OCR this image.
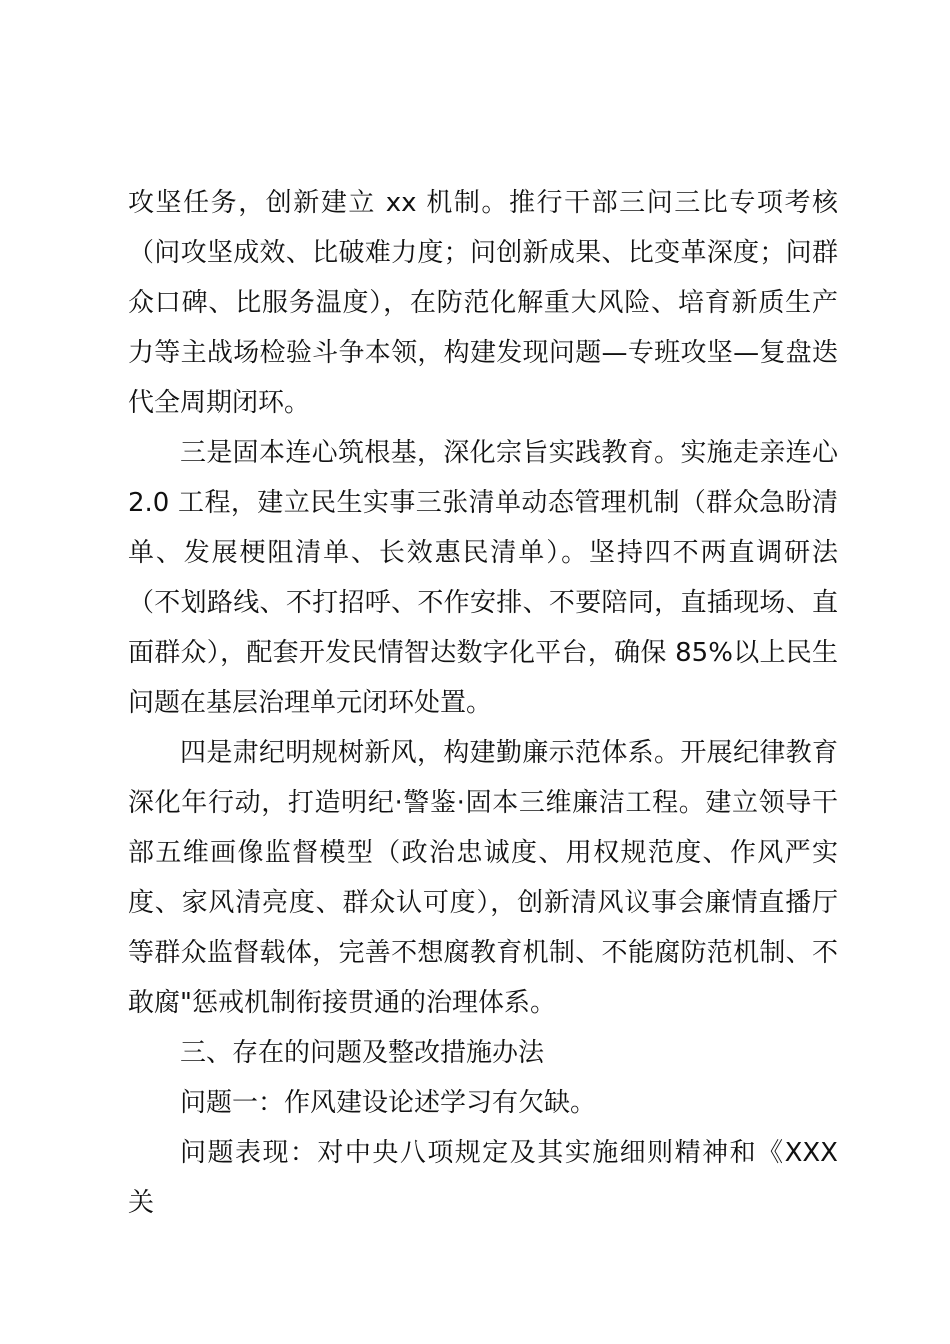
攻坚任务，创新建立 xx 机制。推行干部三问三比专项考核（问攻坚成效、比破难力度；问创新成果、比变革深度；问群众口碑、比服务温度），在防范化解重大风险、培育新质生产力等主战场检验斗争本领，构建发现问题—专班攻坚—复盘迭代全周期闭环。

三是固本连心筑根基，深化宗旨实践教育。实施走亲连心 2.0 工程，建立民生实事三张清单动态管理机制（群众急盼清单、发展梗阻清单、长效惠民清单）。坚持四不两直调研法（不划路线、不打招呼、不作安排、不要陪同，直插现场、直面群众），配套开发民情智达数字化平台，确保 85%以上民生问题在基层治理单元闭环处置。

四是肃纪明规树新风，构建勤廉示范体系。开展纪律教育深化年行动，打造明纪·警鉴·固本三维廉洁工程。建立领导干部五维画像监督模型（政治忠诚度、用权规范度、作风严实度、家风清亮度、群众认可度），创新清风议事会廉情直播厅等群众监督载体，完善不想腐教育机制、不能腐防范机制、不敢腐"惩戒机制衔接贯通的治理体系。

三、存在的问题及整改措施办法

问题一：作风建设论述学习有欠缺。

问题表现：对中央八项规定及其实施细则精神和《XXX 关
